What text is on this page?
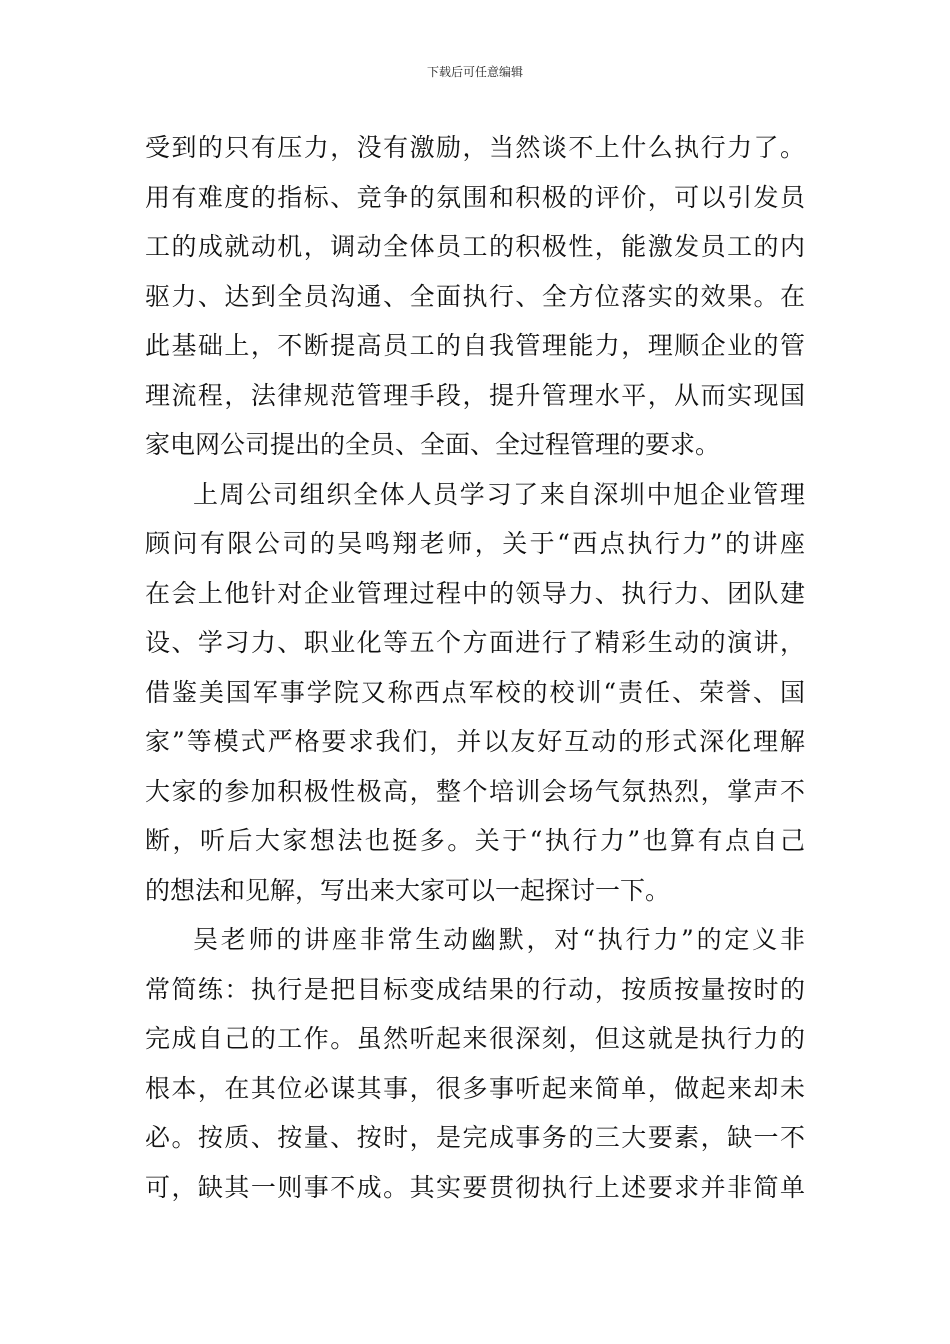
下载后可任意编辑
受到的只有压力，没有激励，当然谈不上什么执行力了。
用有难度的指标、竞争的氛围和积极的评价，可以引发员
工的成就动机，调动全体员工的积极性，能激发员工的内
驱力、达到全员沟通、全面执行、全方位落实的效果。在
此基础上，不断提高员工的自我管理能力，理顺企业的管
理流程，法律规范管理手段，提升管理水平，从而实现国
家电网公司提出的全员、全面、全过程管理的要求。
上周公司组织全体人员学习了来自深圳中旭企业管理
顾问有限公司的吴鸣翔老师，关于“西点执行力”的讲座
在会上他针对企业管理过程中的领导力、执行力、团队建
设、学习力、职业化等五个方面进行了精彩生动的演讲，
借鉴美国军事学院又称西点军校的校训“责任、荣誉、国
家”等模式严格要求我们，并以友好互动的形式深化理解
大家的参加积极性极高，整个培训会场气氛热烈，掌声不
断，听后大家想法也挺多。关于“执行力”也算有点自己
的想法和见解，写出来大家可以一起探讨一下。
吴老师的讲座非常生动幽默，对“执行力”的定义非
常简练：执行是把目标变成结果的行动，按质按量按时的
完成自己的工作。虽然听起来很深刻，但这就是执行力的
根本，在其位必谋其事，很多事听起来简单，做起来却未
必。按质、按量、按时，是完成事务的三大要素，缺一不
可，缺其一则事不成。其实要贯彻执行上述要求并非简单
